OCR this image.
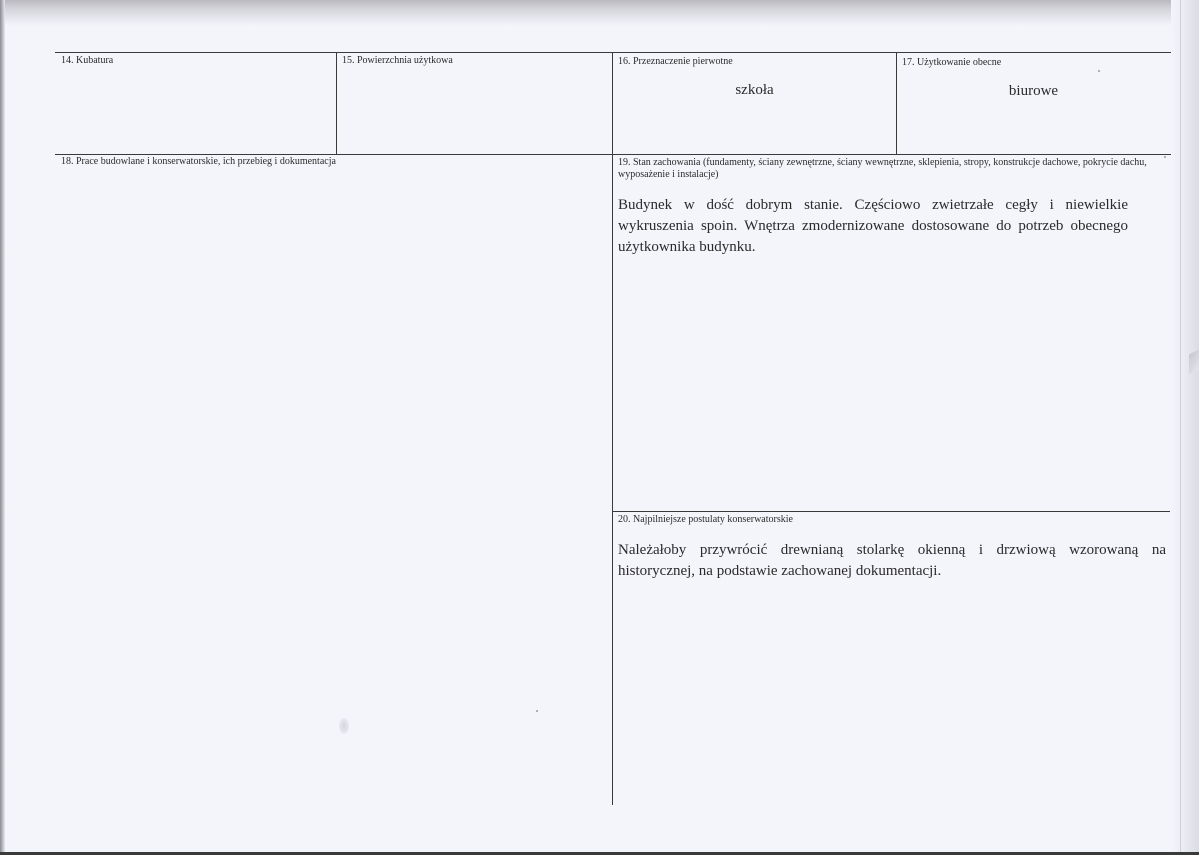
14. Kubatura	15. Powierzchnia użytkowa	16. Przeznaczenie pierwotne
szkoła
17. Użytkowanie obecne
biurowe
18. Prace budowlane i konserwatorskie, ich przebieg i dokumentacja	19. Stan zachowania (fundamenty, ściany zewnętrzne, ściany wewnętrzne, sklepienia, stropy, konstrukcje dachowe, pokrycie dachu, wyposażenie i instalacje)
Budynek w dość dobrym stanie. Częściowo zwietrzałe cegły i niewielkie wykruszenia spoin. Wnętrza zmodernizowane dostosowane do potrzeb obecnego użytkownika budynku.
20. Najpilniejsze postulaty konserwatorskie
Należałoby przywrócić drewnianą stolarkę okienną i drzwiową wzorowaną na historycznej, na podstawie zachowanej dokumentacji.
